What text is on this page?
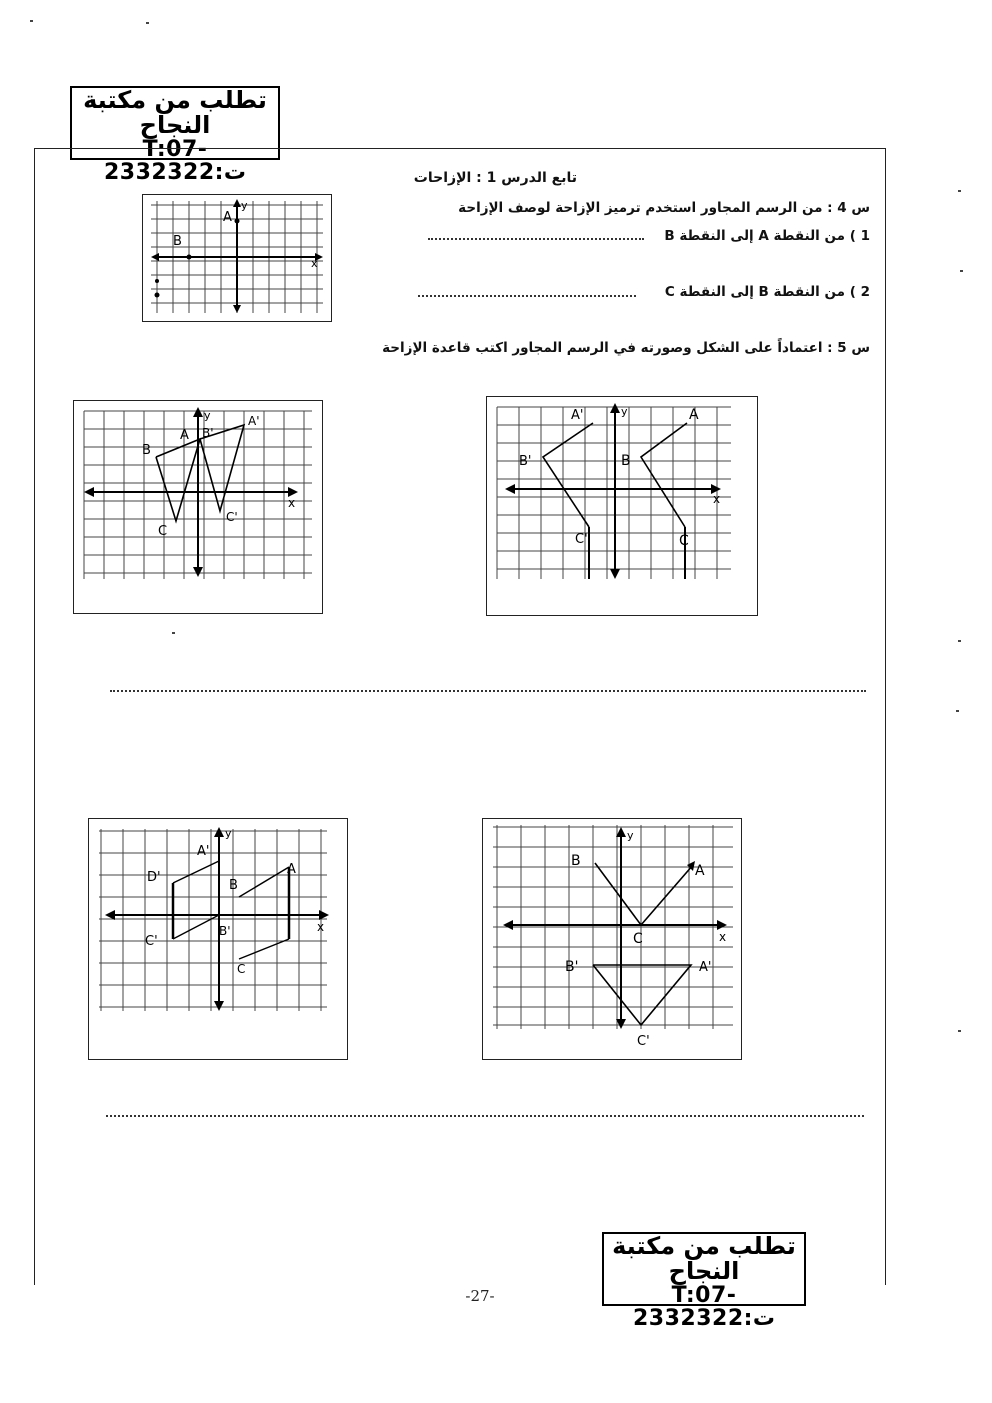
تطلب من مكتبة النجاح
T:07-2332322:ت	تابع الدرس 1 : الإزاحات
س 4 : من الرسم المجاور استخدم ترميز الإزاحة لوصف الإزاحة
1 ) من النقطة A إلى النقطة B
2 ) من النقطة B إلى النقطة C
س 5 : اعتماداً على الشكل وصورته في الرسم المجاور اكتب قاعدة الإزاحة
A
B
y
x
B
A
C
B'
A'
C'
y
x
A
B
C
A'
B'
C'
y
x
D'
A'
B'
C'
B
A
C
y
x
B
A
C
B'	A'
C'
y
x
تطلب من مكتبة النجاح
T:07-2332322:ت
-27-
